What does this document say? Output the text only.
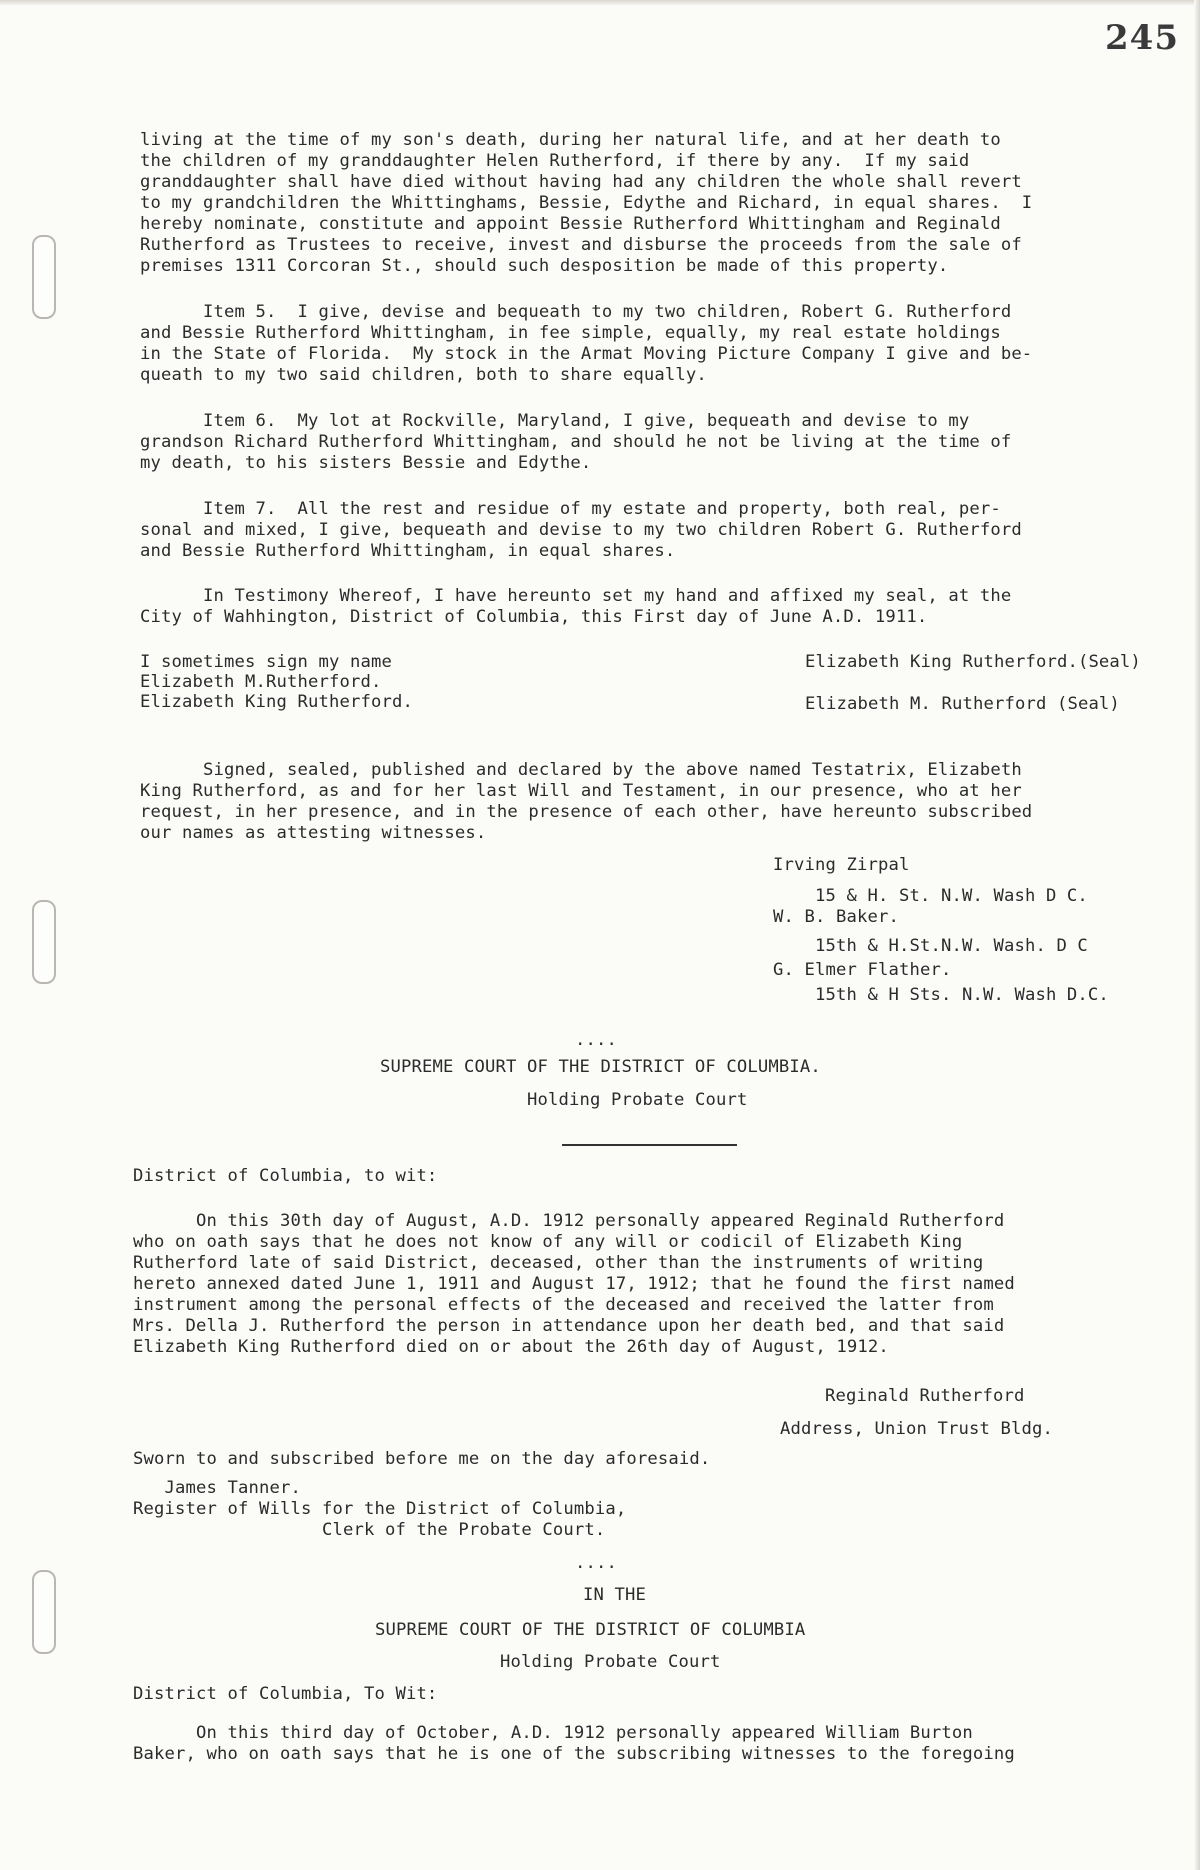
245
living at the time of my son's death, during her natural life, and at her death to
the children of my granddaughter Helen Rutherford, if there by any.  If my said
granddaughter shall have died without having had any children the whole shall revert
to my grandchildren the Whittinghams, Bessie, Edythe and Richard, in equal shares.  I
hereby nominate, constitute and appoint Bessie Rutherford Whittingham and Reginald
Rutherford as Trustees to receive, invest and disburse the proceeds from the sale of
premises 1311 Corcoran St., should such desposition be made of this property.
Item 5.  I give, devise and bequeath to my two children, Robert G. Rutherford
and Bessie Rutherford Whittingham, in fee simple, equally, my real estate holdings
in the State of Florida.  My stock in the Armat Moving Picture Company I give and be-
queath to my two said children, both to share equally.
Item 6.  My lot at Rockville, Maryland, I give, bequeath and devise to my
grandson Richard Rutherford Whittingham, and should he not be living at the time of
my death, to his sisters Bessie and Edythe.
Item 7.  All the rest and residue of my estate and property, both real, per-
sonal and mixed, I give, bequeath and devise to my two children Robert G. Rutherford
and Bessie Rutherford Whittingham, in equal shares.
In Testimony Whereof, I have hereunto set my hand and affixed my seal, at the
City of Wahhington, District of Columbia, this First day of June A.D. 1911.
I sometimes sign my name
Elizabeth M.Rutherford.
Elizabeth King Rutherford.
Elizabeth King Rutherford.(Seal)
Elizabeth M. Rutherford (Seal)
Signed, sealed, published and declared by the above named Testatrix, Elizabeth
King Rutherford, as and for her last Will and Testament, in our presence, who at her
request, in her presence, and in the presence of each other, have hereunto subscribed
our names as attesting witnesses.
Irving Zirpal
15 & H. St. N.W. Wash D C.
W. B. Baker.
15th & H.St.N.W. Wash. D C
G. Elmer Flather.
15th & H Sts. N.W. Wash D.C.
....
SUPREME COURT OF THE DISTRICT OF COLUMBIA.
Holding Probate Court
District of Columbia, to wit:
On this 30th day of August, A.D. 1912 personally appeared Reginald Rutherford
who on oath says that he does not know of any will or codicil of Elizabeth King
Rutherford late of said District, deceased, other than the instruments of writing
hereto annexed dated June 1, 1911 and August 17, 1912; that he found the first named
instrument among the personal effects of the deceased and received the latter from
Mrs. Della J. Rutherford the person in attendance upon her death bed, and that said
Elizabeth King Rutherford died on or about the 26th day of August, 1912.
Reginald Rutherford
Address, Union Trust Bldg.
Sworn to and subscribed before me on the day aforesaid.
James Tanner.
Register of Wills for the District of Columbia,
Clerk of the Probate Court.
....
IN THE
SUPREME COURT OF THE DISTRICT OF COLUMBIA
Holding Probate Court
District of Columbia, To Wit:
On this third day of October, A.D. 1912 personally appeared William Burton
Baker, who on oath says that he is one of the subscribing witnesses to the foregoing
